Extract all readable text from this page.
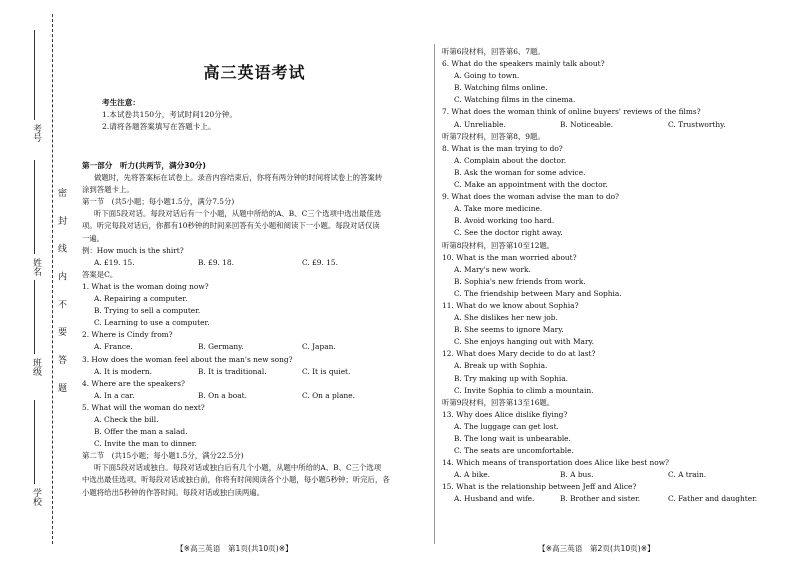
考号
姓名 密 封 线 内 不 要 答 题
班级
学校
高三英语考试

考生注意：

1.本试卷共150分，考试时间120分钟。

2.请将各题答案填写在答题卡上。

第一部分　听力(共两节，满分30分)

做题时，先将答案标在试卷上。录音内容结束后，你将有两分钟的时间将试卷上的答案转

涂到答题卡上。

第一节　(共5小题；每小题1.5分，满分7.5分)

听下面5段对话。每段对话后有一个小题，从题中所给的A、B、C三个选项中选出最佳选

项。听完每段对话后，你都有10秒钟的时间来回答有关小题和阅读下一小题。每段对话仅读

一遍。

例：How much is the shirt?

A. £19. 15.	B. £9. 18.	C. £9. 15.

答案是C。

1. What is the woman doing now?

A. Repairing a computer.

B. Trying to sell a computer.

C. Learning to use a computer.

2. Where is Cindy from?

A. France.	B. Germany.	C. Japan.

3. How does the woman feel about the man's new song?

A. It is modern.	B. It is traditional.	C. It is quiet.

4. Where are the speakers?

A. In a car.	B. On a boat.	C. On a plane.

5. What will the woman do next?

A. Check the bill.

B. Offer the man a salad.

C. Invite the man to dinner.

第二节　(共15小题；每小题1.5分，满分22.5分)

听下面5段对话或独白。每段对话或独白后有几个小题，从题中所给的A、B、C三个选项

中选出最佳选项。听每段对话或独白前，你将有时间阅读各个小题，每小题5秒钟；听完后，各

小题将给出5秒钟的作答时间。每段对话或独白读两遍。

听第6段材料，回答第6、7题。

6. What do the speakers mainly talk about?

A. Going to town.

B. Watching films online.

C. Watching films in the cinema.

7. What does the woman think of online buyers' reviews of the films?

A. Unreliable.	B. Noticeable.	C. Trustworthy.

听第7段材料，回答第8、9题。

8. What is the man trying to do?

A. Complain about the doctor.

B. Ask the woman for some advice.

C. Make an appointment with the doctor.

9. What does the woman advise the man to do?

A. Take more medicine.

B. Avoid working too hard.

C. See the doctor right away.

听第8段材料，回答第10至12题。

10. What is the man worried about?

A. Mary's new work.

B. Sophia's new friends from work.

C. The friendship between Mary and Sophia.

11. What do we know about Sophia?

A. She dislikes her new job.

B. She seems to ignore Mary.

C. She enjoys hanging out with Mary.

12. What does Mary decide to do at last?

A. Break up with Sophia.

B. Try making up with Sophia.

C. Invite Sophia to climb a mountain.

听第9段材料，回答第13至16题。

13. Why does Alice dislike flying?

A. The luggage can get lost.

B. The long wait is unbearable.

C. The seats are uncomfortable.

14. Which means of transportation does Alice like best now?

A. A bike.	B. A bus.	C. A train.

15. What is the relationship between Jeff and Alice?

A. Husband and wife.	B. Brother and sister.	C. Father and daughter.
【※高三英语　第1页(共10页)※】	【※高三英语　第2页(共10页)※】
